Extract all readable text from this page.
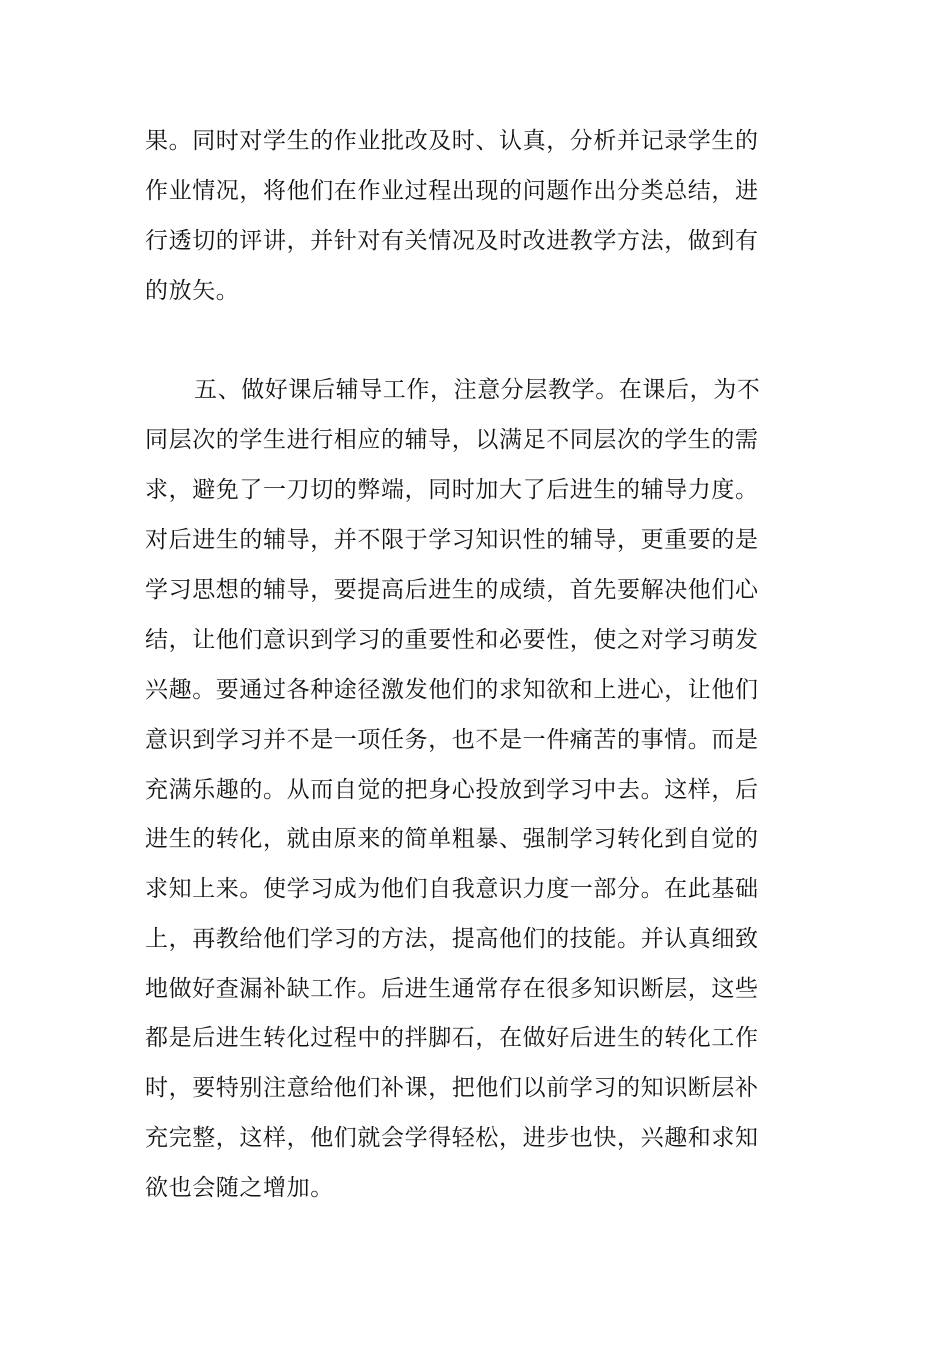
果。同时对学生的作业批改及时、认真，分析并记录学生的
作业情况，将他们在作业过程出现的问题作出分类总结，进
行透切的评讲，并针对有关情况及时改进教学方法，做到有
的放矢。
五、做好课后辅导工作，注意分层教学。在课后，为不
同层次的学生进行相应的辅导，以满足不同层次的学生的需
求，避免了一刀切的弊端，同时加大了后进生的辅导力度。
对后进生的辅导，并不限于学习知识性的辅导，更重要的是
学习思想的辅导，要提高后进生的成绩，首先要解决他们心
结，让他们意识到学习的重要性和必要性，使之对学习萌发
兴趣。要通过各种途径激发他们的求知欲和上进心，让他们
意识到学习并不是一项任务，也不是一件痛苦的事情。而是
充满乐趣的。从而自觉的把身心投放到学习中去。这样，后
进生的转化，就由原来的简单粗暴、强制学习转化到自觉的
求知上来。使学习成为他们自我意识力度一部分。在此基础
上，再教给他们学习的方法，提高他们的技能。并认真细致
地做好查漏补缺工作。后进生通常存在很多知识断层，这些
都是后进生转化过程中的拌脚石，在做好后进生的转化工作
时，要特别注意给他们补课，把他们以前学习的知识断层补
充完整，这样，他们就会学得轻松，进步也快，兴趣和求知
欲也会随之增加。
